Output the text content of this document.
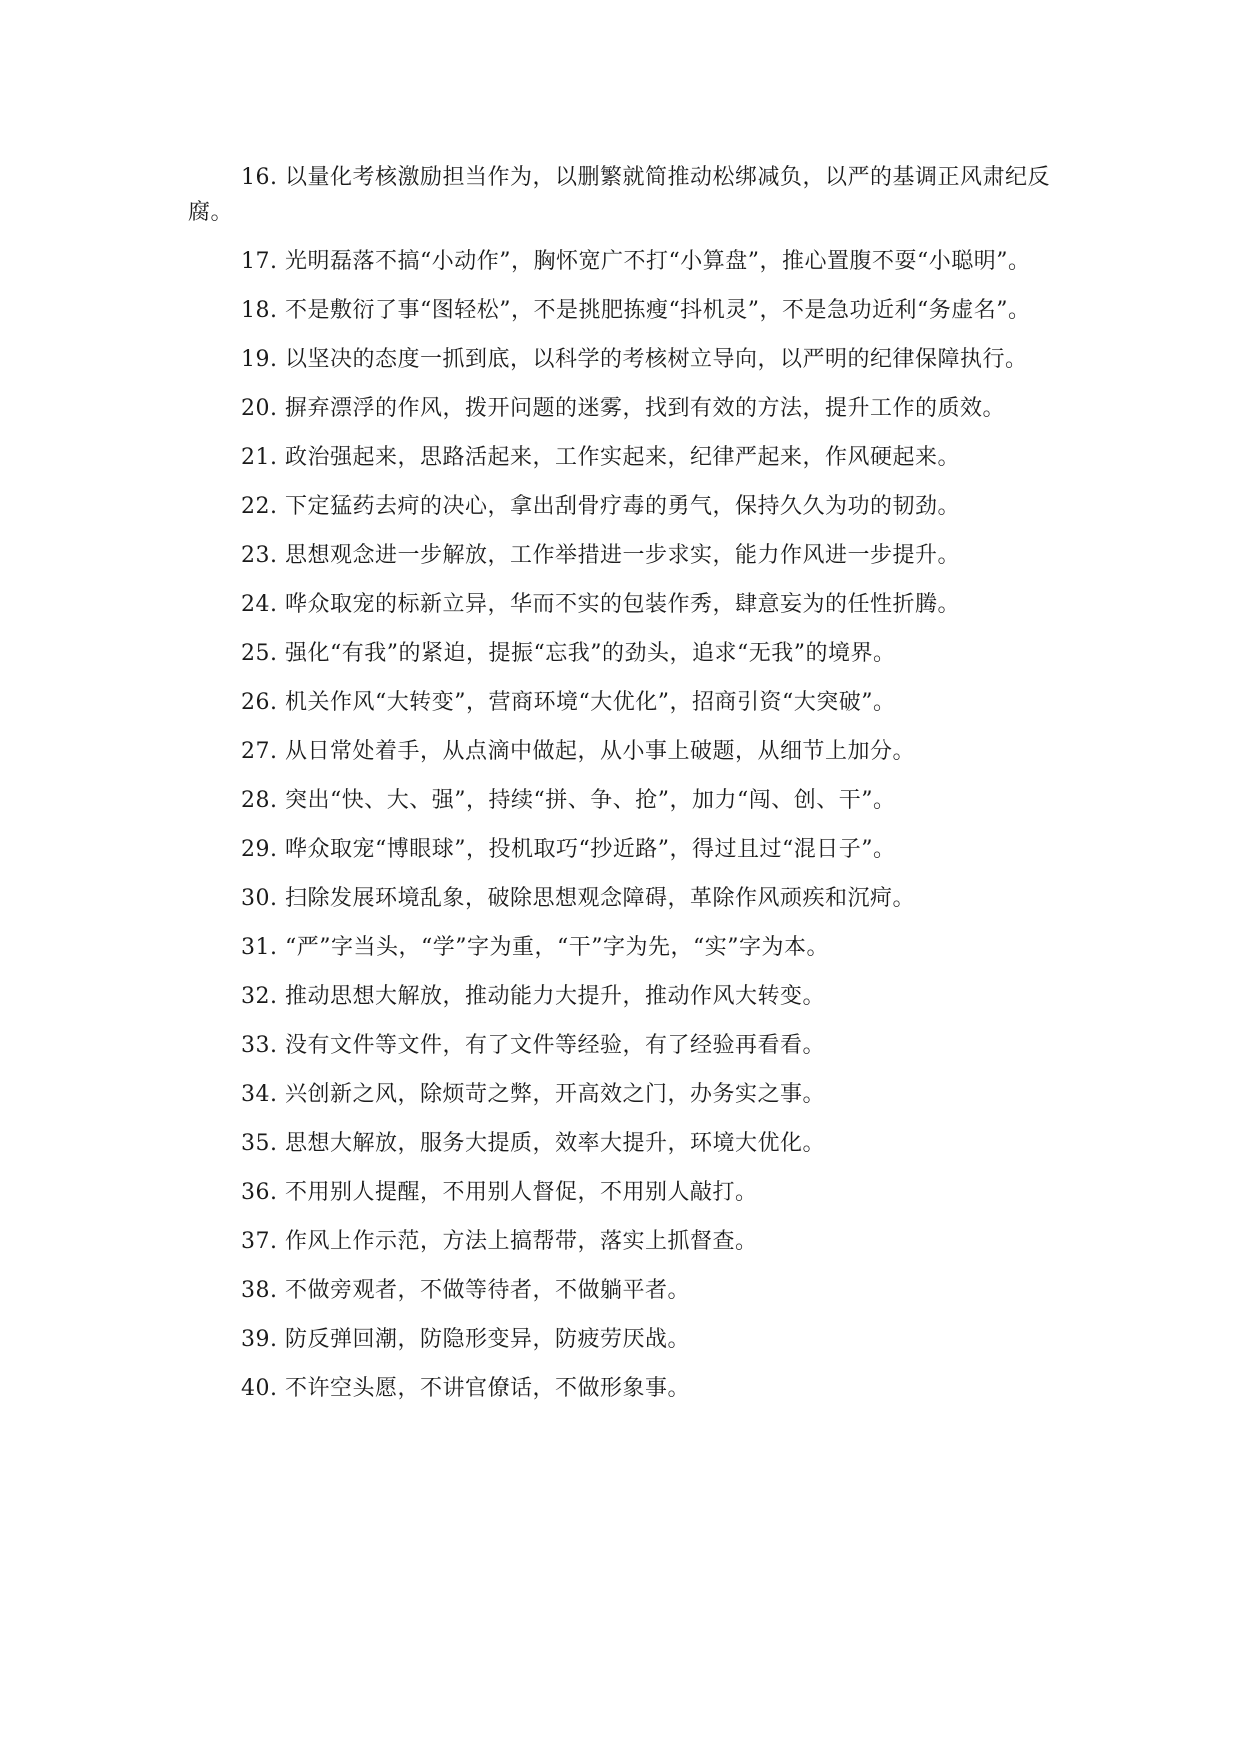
16. 以量化考核激励担当作为，以删繁就简推动松绑减负，以严的基调正风肃纪反腐。

17. 光明磊落不搞“小动作”，胸怀宽广不打“小算盘”，推心置腹不耍“小聪明”。

18. 不是敷衍了事“图轻松”，不是挑肥拣瘦“抖机灵”，不是急功近利“务虚名”。

19. 以坚决的态度一抓到底，以科学的考核树立导向，以严明的纪律保障执行。

20. 摒弃漂浮的作风，拨开问题的迷雾，找到有效的方法，提升工作的质效。

21. 政治强起来，思路活起来，工作实起来，纪律严起来，作风硬起来。

22. 下定猛药去疴的决心，拿出刮骨疗毒的勇气，保持久久为功的韧劲。

23. 思想观念进一步解放，工作举措进一步求实，能力作风进一步提升。

24. 哗众取宠的标新立异，华而不实的包装作秀，肆意妄为的任性折腾。

25. 强化“有我”的紧迫，提振“忘我”的劲头，追求“无我”的境界。

26. 机关作风“大转变”，营商环境“大优化”，招商引资“大突破”。

27. 从日常处着手，从点滴中做起，从小事上破题，从细节上加分。

28. 突出“快、大、强”，持续“拼、争、抢”，加力“闯、创、干”。

29. 哗众取宠“博眼球”，投机取巧“抄近路”，得过且过“混日子”。

30. 扫除发展环境乱象，破除思想观念障碍，革除作风顽疾和沉疴。

31. “严”字当头，“学”字为重，“干”字为先，“实”字为本。

32. 推动思想大解放，推动能力大提升，推动作风大转变。

33. 没有文件等文件，有了文件等经验，有了经验再看看。

34. 兴创新之风，除烦苛之弊，开高效之门，办务实之事。

35. 思想大解放，服务大提质，效率大提升，环境大优化。

36. 不用别人提醒，不用别人督促，不用别人敲打。

37. 作风上作示范，方法上搞帮带，落实上抓督查。

38. 不做旁观者，不做等待者，不做躺平者。

39. 防反弹回潮，防隐形变异，防疲劳厌战。

40. 不许空头愿，不讲官僚话，不做形象事。
